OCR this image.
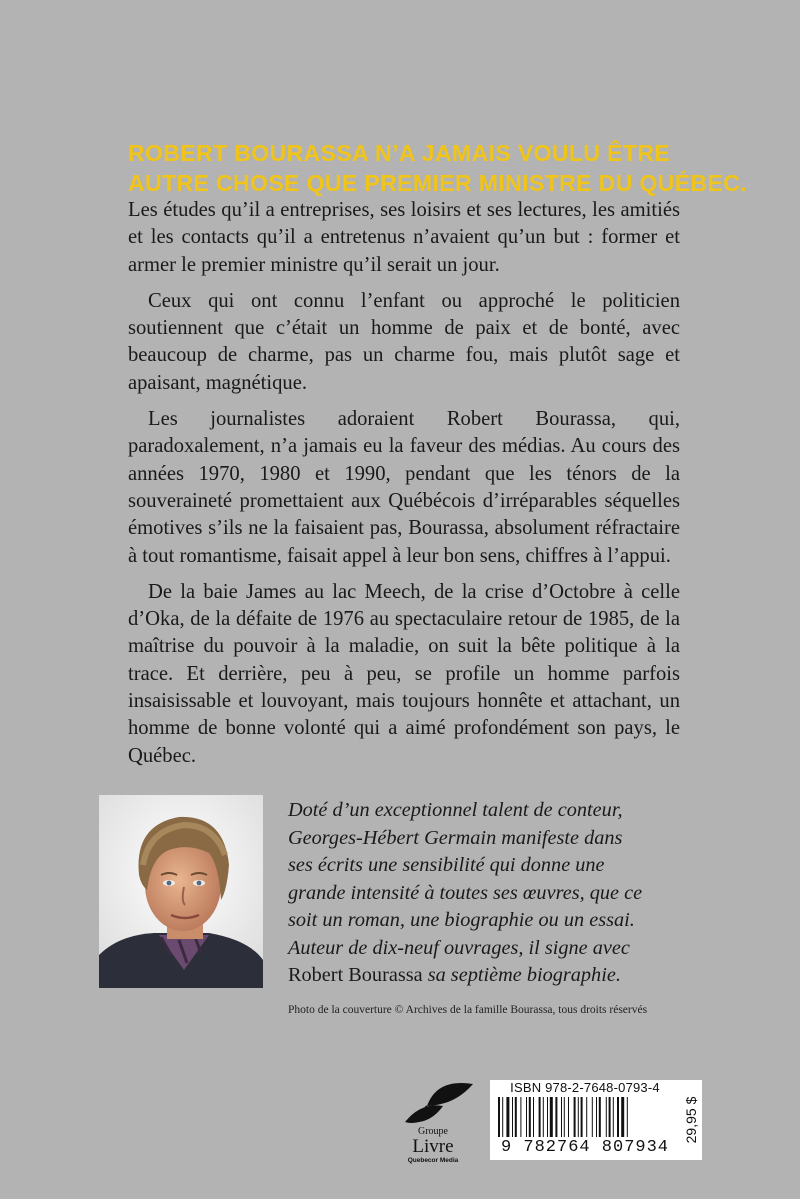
ROBERT BOURASSA N’A JAMAIS VOULU ÊTRE
AUTRE CHOSE QUE PREMIER MINISTRE DU QUÉBEC.

Les études qu’il a entreprises, ses loisirs et ses lectures, les amitiés et les contacts qu’il a entretenus n’avaient qu’un but : former et armer le premier ministre qu’il serait un jour.

Ceux qui ont connu l’enfant ou approché le politicien soutiennent que c’était un homme de paix et de bonté, avec beaucoup de charme, pas un charme fou, mais plutôt sage et apaisant, magnétique.

Les journalistes adoraient Robert Bourassa, qui, paradoxalement, n’a jamais eu la faveur des médias. Au cours des années 1970, 1980 et 1990, pendant que les ténors de la souveraineté promettaient aux Québécois d’irréparables séquelles émotives s’ils ne la faisaient pas, Bourassa, absolument réfractaire à tout romantisme, faisait appel à leur bon sens, chiffres à l’appui.

De la baie James au lac Meech, de la crise d’Octobre à celle d’Oka, de la défaite de 1976 au spectaculaire retour de 1985, de la maîtrise du pouvoir à la maladie, on suit la bête politique à la trace. Et derrière, peu à peu, se profile un homme parfois insaisissable et louvoyant, mais toujours honnête et attachant, un homme de bonne volonté qui a aimé profondément son pays, le Québec.

Doté d’un exceptionnel talent de conteur,
Georges-Hébert Germain manifeste dans
ses écrits une sensibilité qui donne une
grande intensité à toutes ses œuvres, que ce
soit un roman, une biographie ou un essai.
Auteur de dix-neuf ouvrages, il signe avec
Robert Bourassa sa septième biographie.
Photo de la couverture © Archives de la famille Bourassa, tous droits réservés
Groupe
Livre
Quebecor Media
ISBN 978-2-7648-0793-4
9 782764 807934
29,95 $
